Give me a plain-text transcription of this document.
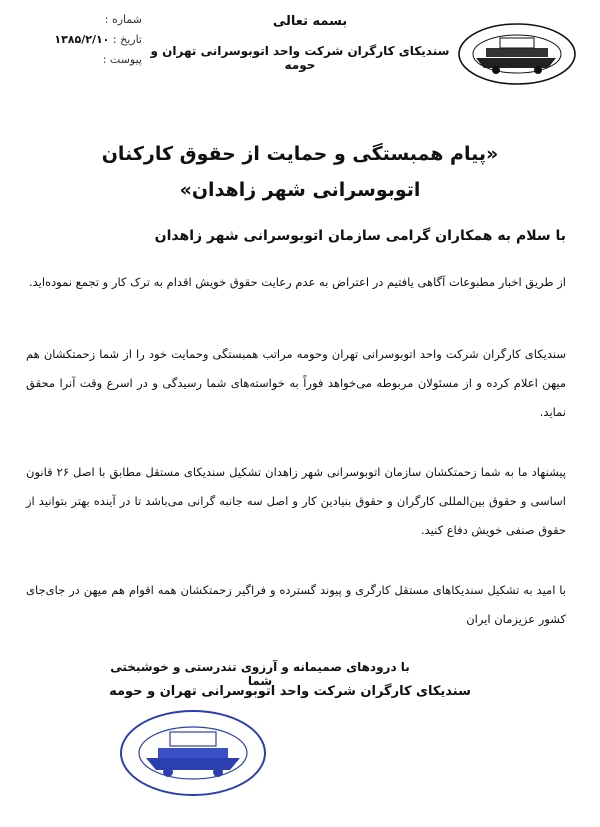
بسمه تعالی
سندیکای کارگران شرکت واحد اتوبوسرانی تهران و حومه
شماره :
تاریخ : ۱۳۸۵/۲/۱۰
پیوست :
«پیام همبستگی و حمایت از حقوق کارکنان
اتوبوسرانی شهر زاهدان»
با سلام به همکاران گرامی سازمان اتوبوسرانی شهر زاهدان
از طریق اخبار مطبوعات آگاهی یافتیم در اعتراض به عدم رعایت حقوق خویش اقدام به ترک کار و تجمع نموده‌اید.
سندیکای کارگران شرکت واحد اتوبوسرانی تهران وحومه مراتب همبستگی وحمایت خود را از شما زحمتکشان هم میهن اعلام کرده و از مسئولان مربوطه می‌خواهد فوراً به خواسته‌های شما رسیدگی و در اسرع وقت آنرا محقق نماید.
پیشنهاد ما به شما زحمتکشان سازمان اتوبوسرانی شهر زاهدان تشکیل سندیکای مستقل مطابق با اصل ۲۶ قانون اساسی و حقوق بین‌المللی کارگران و حقوق بنیادین کار و اصل سه جانبه گرانی می‌باشد تا در آینده بهتر بتوانید از حقوق صنفی خویش دفاع کنید.
با امید به تشکیل سندیکاهای مستقل کارگری و پیوند گسترده و فراگیر زحمتکشان همه اقوام هم میهن در جای‌جای کشور عزیزمان ایران
با درودهای صمیمانه و آرزوی تندرستی و خوشبختی شما
سندیکای کارگران شرکت واحد اتوبوسرانی تهران و حومه
